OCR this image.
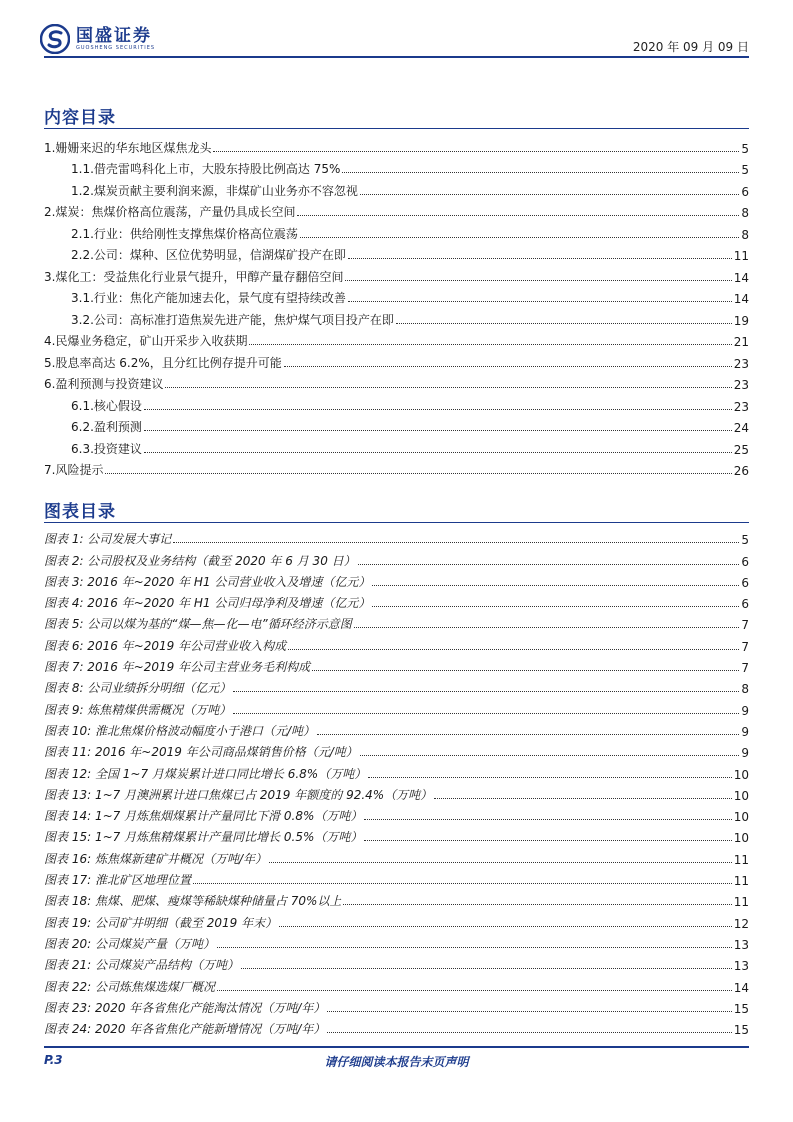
国盛证券
GUOSHENG SECURITIES	2020 年 09 月 09 日
内容目录
1.姗姗来迟的华东地区煤焦龙头	5
1.1.借壳雷鸣科化上市，大股东持股比例高达 75%	5
1.2.煤炭贡献主要利润来源，非煤矿山业务亦不容忽视	6
2.煤炭：焦煤价格高位震荡，产量仍具成长空间	8
2.1.行业：供给刚性支撑焦煤价格高位震荡	8
2.2.公司：煤种、区位优势明显，信湖煤矿投产在即	11
3.煤化工：受益焦化行业景气提升，甲醇产量存翻倍空间	14
3.1.行业：焦化产能加速去化，景气度有望持续改善	14
3.2.公司：高标准打造焦炭先进产能，焦炉煤气项目投产在即	19
4.民爆业务稳定，矿山开采步入收获期	21
5.股息率高达 6.2%，且分红比例存提升可能	23
6.盈利预测与投资建议	23
6.1.核心假设	23
6.2.盈利预测	24
6.3.投资建议	25
7.风险提示	26
图表目录
图表 1: 公司发展大事记	5
图表 2: 公司股权及业务结构（截至 2020 年 6 月 30 日）	6
图表 3: 2016 年~2020 年 H1 公司营业收入及增速（亿元）	6
图表 4: 2016 年~2020 年 H1 公司归母净利及增速（亿元）	6
图表 5: 公司以煤为基的“煤—焦—化—电”循环经济示意图	7
图表 6: 2016 年~2019 年公司营业收入构成	7
图表 7: 2016 年~2019 年公司主营业务毛利构成	7
图表 8: 公司业绩拆分明细（亿元）	8
图表 9: 炼焦精煤供需概况（万吨）	9
图表 10: 淮北焦煤价格波动幅度小于港口（元/吨）	9
图表 11: 2016 年~2019 年公司商品煤销售价格（元/吨）	9
图表 12: 全国 1~7 月煤炭累计进口同比增长 6.8%（万吨）	10
图表 13: 1~7 月澳洲累计进口焦煤已占 2019 年额度的 92.4%（万吨）	10
图表 14: 1~7 月炼焦烟煤累计产量同比下滑 0.8%（万吨）	10
图表 15: 1~7 月炼焦精煤累计产量同比增长 0.5%（万吨）	10
图表 16: 炼焦煤新建矿井概况（万吨/年）	11
图表 17: 淮北矿区地理位置	11
图表 18: 焦煤、肥煤、瘦煤等稀缺煤种储量占 70%以上	11
图表 19: 公司矿井明细（截至 2019 年末）	12
图表 20: 公司煤炭产量（万吨）	13
图表 21: 公司煤炭产品结构（万吨）	13
图表 22: 公司炼焦煤选煤厂概况	14
图表 23: 2020 年各省焦化产能淘汰情况（万吨/年）	15
图表 24: 2020 年各省焦化产能新增情况（万吨/年）	15
P.3	请仔细阅读本报告末页声明
